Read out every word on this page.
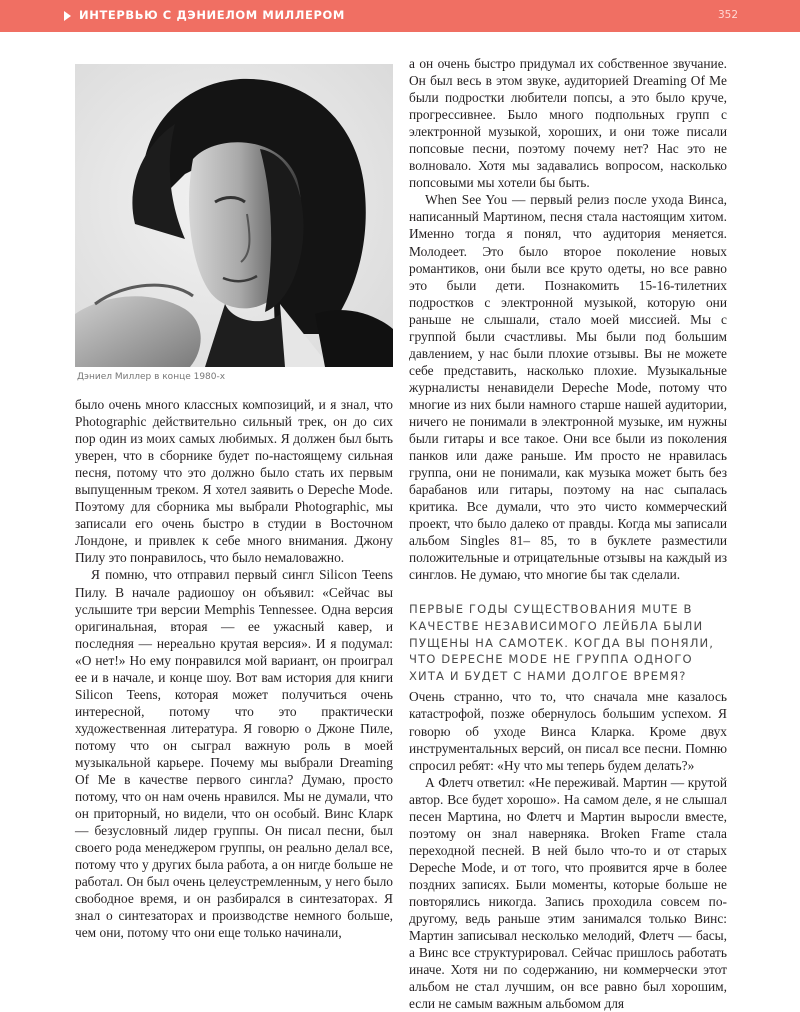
ИНТЕРВЬЮ С ДЭНИЕЛОМ МИЛЛЕРОМ	352
Дэниел Миллер в конце 1980-х

было очень много классных композиций, и я знал, что Photographic действительно сильный трек, он до сих пор один из моих самых любимых. Я должен был быть уверен, что в сборнике будет по-настоящему сильная песня, потому что это должно было стать их первым выпущенным треком. Я хотел заявить о Depeche Mode. Поэтому для сборника мы выбрали Photographic, мы записали его очень быстро в студии в Восточном Лондоне, и привлек к себе много внимания. Джону Пилу это понравилось, что было немаловажно.

Я помню, что отправил первый сингл Silicon Teens Пилу. В начале радиошоу он объявил: «Сейчас вы услышите три версии Memphis Tennessee. Одна версия оригинальная, вторая — ее ужасный кавер, и последняя — нереально крутая версия». И я подумал: «О нет!» Но ему понравился мой вариант, он проиграл ее и в начале, и конце шоу. Вот вам история для книги Silicon Teens, которая может получиться очень интересной, потому что это практически художественная литература. Я говорю о Джоне Пиле, потому что он сыграл важную роль в моей музыкальной карьере. Почему мы выбрали Dreaming Of Me в качестве первого сингла? Думаю, просто потому, что он нам очень нравился. Мы не думали, что он приторный, но видели, что он особый. Винс Кларк — безусловный лидер группы. Он писал песни, был своего рода менеджером группы, он реально делал все, потому что у других была работа, а он нигде больше не работал. Он был очень целеустремленным, у него было свободное время, и он разбирался в синтезаторах. Я знал о синтезаторах и производстве немного больше, чем они, потому что они еще только начинали,

а он очень быстро придумал их собственное звучание. Он был весь в этом звуке, аудиторией Dreaming Of Me были подростки любители попсы, а это было круче, прогрессивнее. Было много подпольных групп с электронной музыкой, хороших, и они тоже писали попсовые песни, поэтому почему нет? Нас это не волновало. Хотя мы задавались вопросом, насколько попсовыми мы хотели бы быть.

When See You — первый релиз после ухода Винса, написанный Мартином, песня стала настоящим хитом. Именно тогда я понял, что аудитория меняется. Молодеет. Это было второе поколение новых романтиков, они были все круто одеты, но все равно это были дети. Познакомить 15-16-тилетних подростков с электронной музыкой, которую они раньше не слышали, стало моей миссией. Мы с группой были счастливы. Мы были под большим давлением, у нас были плохие отзывы. Вы не можете себе представить, насколько плохие. Музыкальные журналисты ненавидели Depeche Mode, потому что многие из них были намного старше нашей аудитории, ничего не понимали в электронной музыке, им нужны были гитары и все такое. Они все были из поколения панков или даже раньше. Им просто не нравилась группа, они не понимали, как музыка может быть без барабанов или гитары, поэтому на нас сыпалась критика. Все думали, что это чисто коммерческий проект, что было далеко от правды. Когда мы записали альбом Singles 81– 85, то в буклете разместили положительные и отрицательные отзывы на каждый из синглов. Не думаю, что многие бы так сделали.

ПЕРВЫЕ ГОДЫ СУЩЕСТВОВАНИЯ MUTE В КАЧЕСТВЕ НЕЗАВИСИМОГО ЛЕЙБЛА БЫЛИ ПУЩЕНЫ НА САМОТЕК. КОГДА ВЫ ПОНЯЛИ, ЧТО DEPECHE MODE НЕ ГРУППА ОДНОГО ХИТА И БУДЕТ С НАМИ ДОЛГОЕ ВРЕМЯ?

Очень странно, что то, что сначала мне казалось катастрофой, позже обернулось большим успехом. Я говорю об уходе Винса Кларка. Кроме двух инструментальных версий, он писал все песни. Помню спросил ребят: «Ну что мы теперь будем делать?»

А Флетч ответил: «Не переживай. Мартин — крутой автор. Все будет хорошо». На самом деле, я не слышал песен Мартина, но Флетч и Мартин выросли вместе, поэтому он знал наверняка. Broken Frame стала переходной песней. В ней было что-то и от старых Depeche Mode, и от того, что проявится ярче в более поздних записях. Были моменты, которые больше не повторялись никогда. Запись проходила совсем по-другому, ведь раньше этим занимался только Винс: Мартин записывал несколько мелодий, Флетч — басы, а Винс все структурировал. Сейчас пришлось работать иначе. Хотя ни по содержанию, ни коммерчески этот альбом не стал лучшим, он все равно был хорошим, если не самым важным альбомом для
